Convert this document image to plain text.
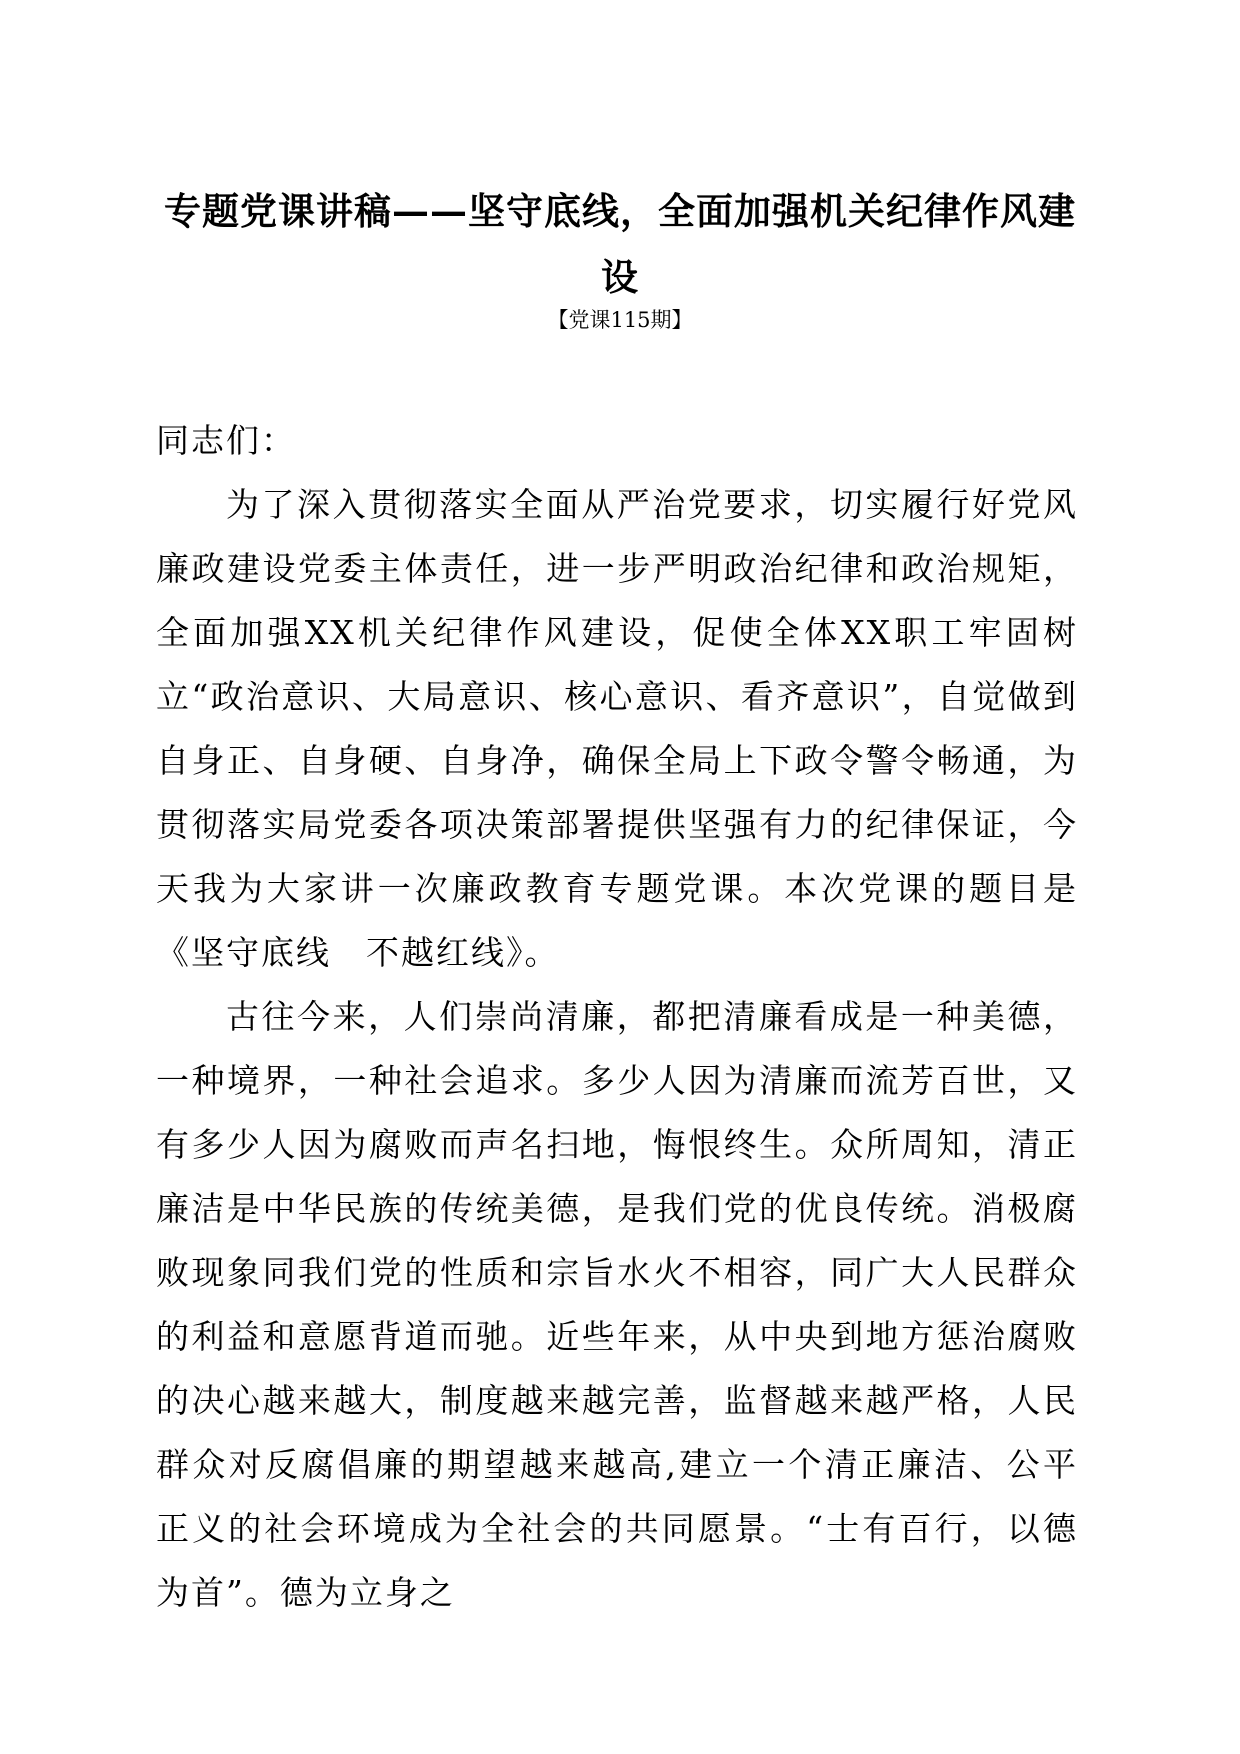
专题党课讲稿——坚守底线，全面加强机关纪律作风建设
【党课115期】

同志们：

为了深入贯彻落实全面从严治党要求，切实履行好党风廉政建设党委主体责任，进一步严明政治纪律和政治规矩，全面加强XX机关纪律作风建设，促使全体XX职工牢固树立“政治意识、大局意识、核心意识、看齐意识”，自觉做到自身正、自身硬、自身净，确保全局上下政令警令畅通，为贯彻落实局党委各项决策部署提供坚强有力的纪律保证，今天我为大家讲一次廉政教育专题党课。本次党课的题目是《坚守底线　不越红线》。

古往今来，人们崇尚清廉，都把清廉看成是一种美德，一种境界，一种社会追求。多少人因为清廉而流芳百世，又有多少人因为腐败而声名扫地，悔恨终生。众所周知，清正廉洁是中华民族的传统美德，是我们党的优良传统。消极腐败现象同我们党的性质和宗旨水火不相容，同广大人民群众的利益和意愿背道而驰。近些年来，从中央到地方惩治腐败的决心越来越大，制度越来越完善，监督越来越严格，人民群众对反腐倡廉的期望越来越高,建立一个清正廉洁、公平正义的社会环境成为全社会的共同愿景。“士有百行，以德为首”。德为立身之
